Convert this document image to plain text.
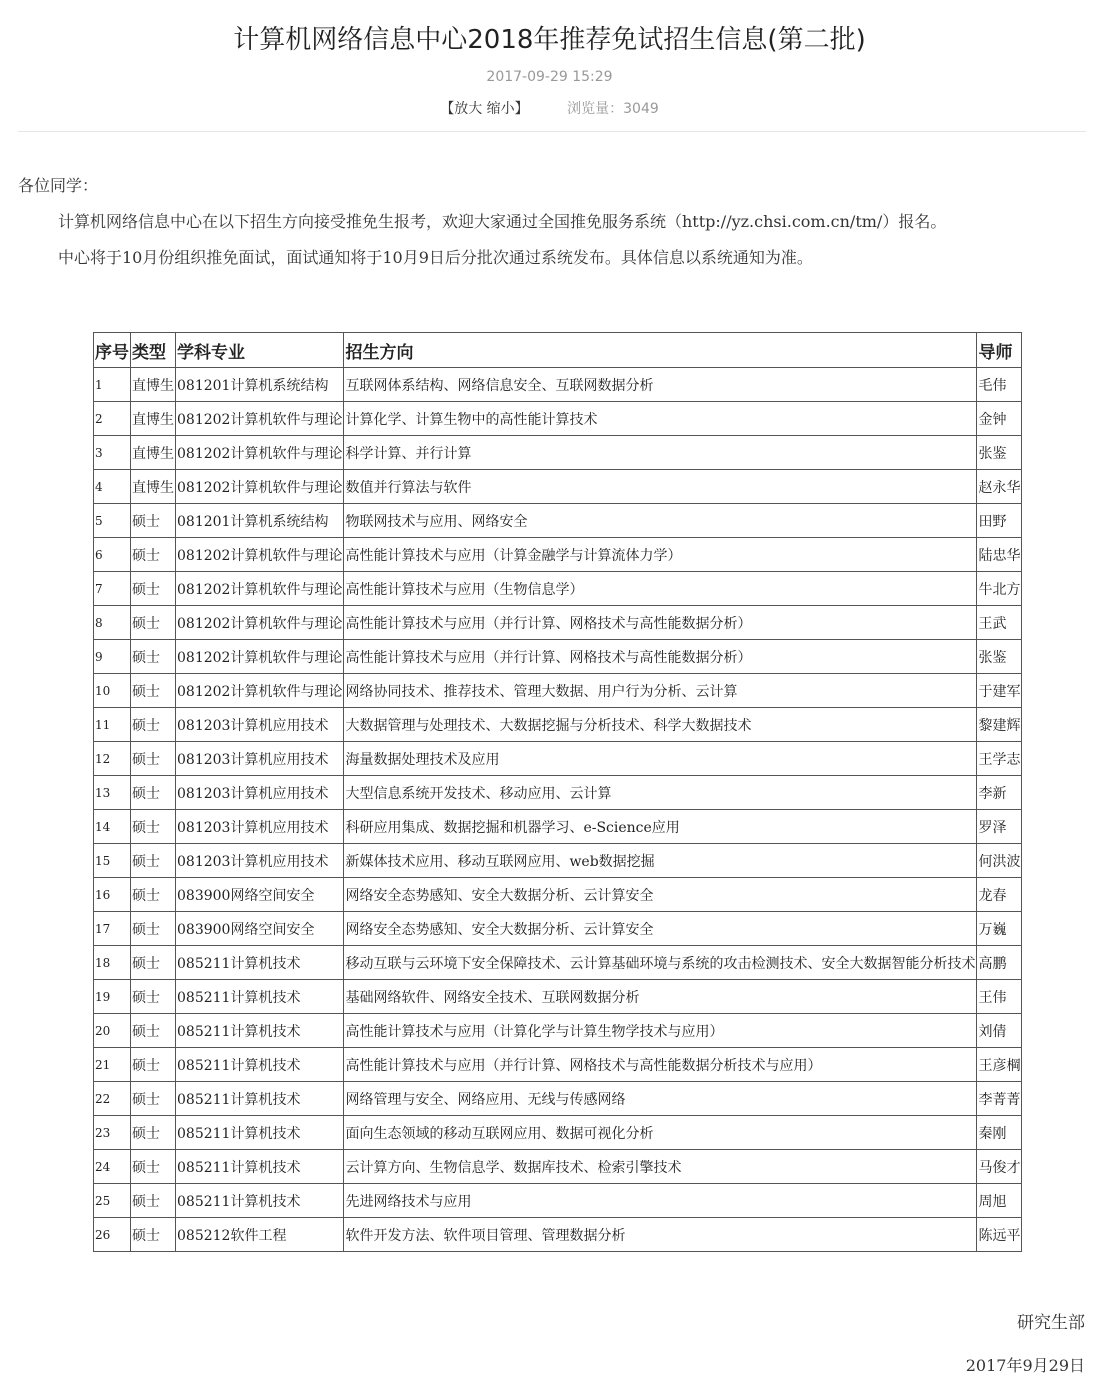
计算机网络信息中心2018年推荐免试招生信息(第二批)
2017-09-29 15:29
【放大 缩小】	浏览量：3049

各位同学：

计算机网络信息中心在以下招生方向接受推免生报考，欢迎大家通过全国推免服务系统（http://yz.chsi.com.cn/tm/）报名。

中心将于10月份组织推免面试，面试通知将于10月9日后分批次通过系统发布。具体信息以系统通知为准。

序号	类型	学科专业	招生方向	导师
1	直博生	081201计算机系统结构	互联网体系结构、网络信息安全、互联网数据分析	毛伟
2	直博生	081202计算机软件与理论	计算化学、计算生物中的高性能计算技术	金钟
3	直博生	081202计算机软件与理论	科学计算、并行计算	张鉴
4	直博生	081202计算机软件与理论	数值并行算法与软件	赵永华
5	硕士	081201计算机系统结构	物联网技术与应用、网络安全	田野
6	硕士	081202计算机软件与理论	高性能计算技术与应用（计算金融学与计算流体力学）	陆忠华
7	硕士	081202计算机软件与理论	高性能计算技术与应用（生物信息学）	牛北方
8	硕士	081202计算机软件与理论	高性能计算技术与应用（并行计算、网格技术与高性能数据分析）	王武
9	硕士	081202计算机软件与理论	高性能计算技术与应用（并行计算、网格技术与高性能数据分析）	张鉴
10	硕士	081202计算机软件与理论	网络协同技术、推荐技术、管理大数据、用户行为分析、云计算	于建军
11	硕士	081203计算机应用技术	大数据管理与处理技术、大数据挖掘与分析技术、科学大数据技术	黎建辉
12	硕士	081203计算机应用技术	海量数据处理技术及应用	王学志
13	硕士	081203计算机应用技术	大型信息系统开发技术、移动应用、云计算	李新
14	硕士	081203计算机应用技术	科研应用集成、数据挖掘和机器学习、e-Science应用	罗泽
15	硕士	081203计算机应用技术	新媒体技术应用、移动互联网应用、web数据挖掘	何洪波
16	硕士	083900网络空间安全	网络安全态势感知、安全大数据分析、云计算安全	龙春
17	硕士	083900网络空间安全	网络安全态势感知、安全大数据分析、云计算安全	万巍
18	硕士	085211计算机技术	移动互联与云环境下安全保障技术、云计算基础环境与系统的攻击检测技术、安全大数据智能分析技术	高鹏
19	硕士	085211计算机技术	基础网络软件、网络安全技术、互联网数据分析	王伟
20	硕士	085211计算机技术	高性能计算技术与应用（计算化学与计算生物学技术与应用）	刘倩
21	硕士	085211计算机技术	高性能计算技术与应用（并行计算、网格技术与高性能数据分析技术与应用）	王彦棡
22	硕士	085211计算机技术	网络管理与安全、网络应用、无线与传感网络	李菁菁
23	硕士	085211计算机技术	面向生态领域的移动互联网应用、数据可视化分析	秦刚
24	硕士	085211计算机技术	云计算方向、生物信息学、数据库技术、检索引擎技术	马俊才
25	硕士	085211计算机技术	先进网络技术与应用	周旭
26	硕士	085212软件工程	软件开发方法、软件项目管理、管理数据分析	陈远平
研究生部
2017年9月29日
